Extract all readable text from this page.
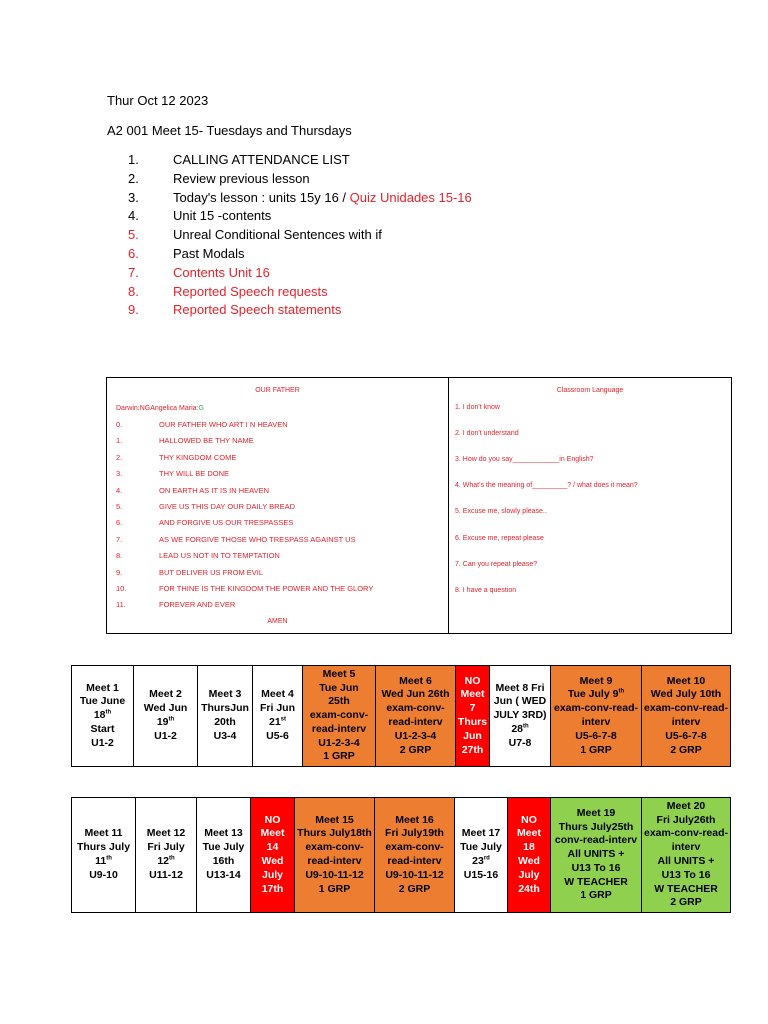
Thur Oct 12 2023
A2 001 Meet 15- Tuesdays and Thursdays
1.	CALLING ATTENDANCE LIST
2.	Review previous lesson
3.	Today's lesson : units 15y 16 / Quiz Unidades 15-16
4.	Unit 15 -contents
5.	Unreal Conditional Sentences with if
6.	Past Modals
7.	Contents Unit 16
8.	Reported Speech requests
9.	Reported Speech statements
OUR FATHER
Darwin:NGAngelica Maria:G
0.	OUR FATHER WHO ART I N HEAVEN
1.	HALLOWED BE THY NAME
2.	THY KINGDOM COME
3.	THY WILL BE DONE
4.	ON EARTH AS IT IS IN HEAVEN
5.	GIVE US THIS DAY OUR DAILY BREAD
6.	AND FORGIVE US OUR TRESPASSES
7.	AS WE FORGIVE THOSE WHO TRESPASS AGAINST US
8.	LEAD US NOT IN TO TEMPTATION
9.	BUT DELIVER US FROM EVIL
10.	FOR THINE IS THE KINGDOM THE POWER AND THE GLORY
11.	FOREVER AND EVER
AMEN
Classroom Language
1. I don't know
2. I don't understand
3. How do you say____________in English?
4. What's the meaning of_________? / what does it mean?
5. Excuse me, slowly please..
6. Excuse me, repeat please
7. Can you repeat please?
8. I have a question
Meet 1
Tue June
18th
Start
U1-2	Meet 2
Wed Jun
19th
U1-2	Meet 3
ThursJun
20th
U3-4	Meet 4
Fri Jun
21st
U5-6	Meet 5
Tue Jun
25th
exam-conv-
read-interv
U1-2-3-4
1 GRP	Meet 6
Wed Jun 26th
exam-conv-
read-interv
U1-2-3-4
2 GRP	NO
Meet
7
Thurs
Jun
27th	Meet 8 Fri
Jun ( WED
JULY 3RD)
28th
U7-8	Meet 9
Tue July 9th
exam-conv-read-
interv
U5-6-7-8
1 GRP	Meet 10
Wed July 10th
exam-conv-read-
interv
U5-6-7-8
2 GRP
Meet 11
Thurs July
11th
U9-10	Meet 12
Fri July
12th
U11-12	Meet 13
Tue July
16th
U13-14	NO
Meet
14
Wed
July
17th	Meet 15
Thurs July18th
exam-conv-
read-interv
U9-10-11-12
1 GRP	Meet 16
Fri July19th
exam-conv-
read-interv
U9-10-11-12
2 GRP	Meet 17
Tue July
23rd
U15-16	NO
Meet
18
Wed
July
24th	Meet 19
Thurs July25th
conv-read-interv
All UNITS +
U13 To 16
W TEACHER
1 GRP	Meet 20
Fri July26th
exam-conv-read-
interv
All UNITS +
U13 To 16
W TEACHER
2 GRP
